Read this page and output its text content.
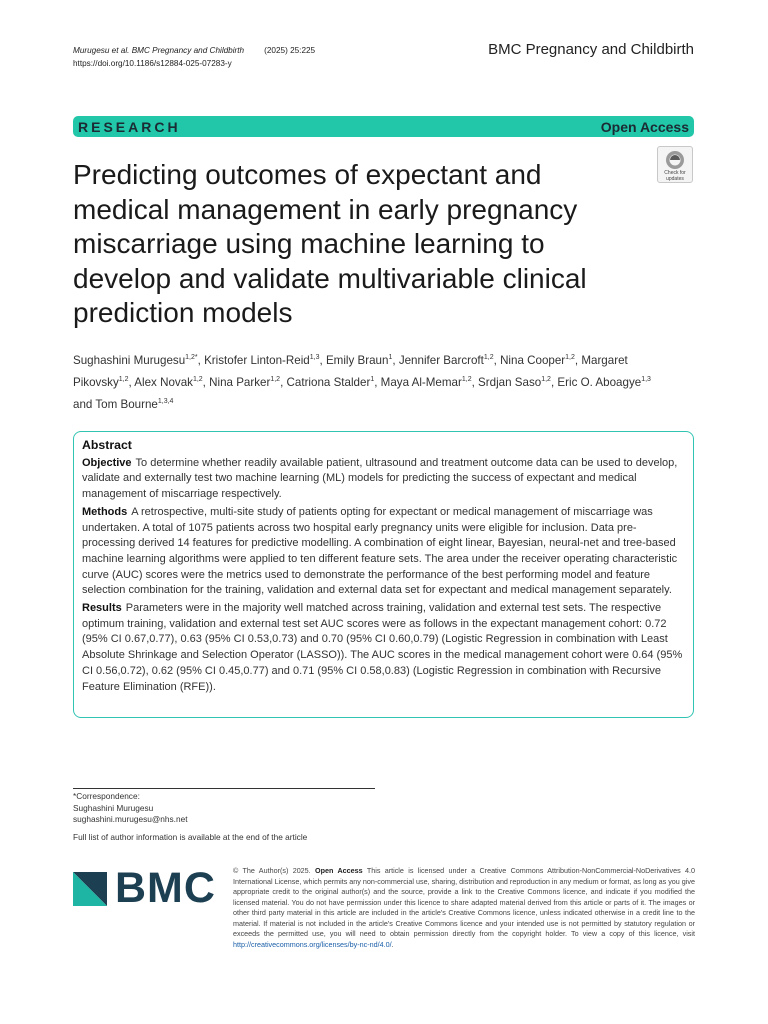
Murugesu et al. BMC Pregnancy and Childbirth (2025) 25:225
https://doi.org/10.1186/s12884-025-07283-y
BMC Pregnancy and Childbirth
RESEARCH	Open Access
Check for
updates
Predicting outcomes of expectant and medical management in early pregnancy miscarriage using machine learning to develop and validate multivariable clinical prediction models
Sughashini Murugesu$^{1,2*}$, Kristofer Linton-Reid$^{1,3}$, Emily Braun$^1$, Jennifer Barcroft$^{1,2}$, Nina Cooper$^{1,2}$, Margaret Pikovsky$^{1,2}$, Alex Novak$^{1,2}$, Nina Parker$^{1,2}$, Catriona Stalder$^1$, Maya Al-Memar$^{1,2}$, Srdjan Saso$^{1,2}$, Eric O. Aboagye$^{1,3}$ and Tom Bourne$^{1,3,4}$
Abstract

Objective To determine whether readily available patient, ultrasound and treatment outcome data can be used to develop, validate and externally test two machine learning (ML) models for predicting the success of expectant and medical management of miscarriage respectively.

Methods A retrospective, multi-site study of patients opting for expectant or medical management of miscarriage was undertaken. A total of 1075 patients across two hospital early pregnancy units were eligible for inclusion. Data pre-processing derived 14 features for predictive modelling. A combination of eight linear, Bayesian, neural-net and tree-based machine learning algorithms were applied to ten different feature sets. The area under the receiver operating characteristic curve (AUC) scores were the metrics used to demonstrate the performance of the best performing model and feature selection combination for the training, validation and external data set for expectant and medical management separately.

Results Parameters were in the majority well matched across training, validation and external test sets. The respective optimum training, validation and external test set AUC scores were as follows in the expectant management cohort: 0.72 (95% CI 0.67,0.77), 0.63 (95% CI 0.53,0.73) and 0.70 (95% CI 0.60,0.79) (Logistic Regression in combination with Least Absolute Shrinkage and Selection Operator (LASSO)). The AUC scores in the medical management cohort were 0.64 (95% CI 0.56,0.72), 0.62 (95% CI 0.45,0.77) and 0.71 (95% CI 0.58,0.83) (Logistic Regression in combination with Recursive Feature Elimination (RFE)).

*Correspondence:
Sughashini Murugesu
sughashini.murugesu@nhs.net
Full list of author information is available at the end of the article
BMC © The Author(s) 2025. Open Access This article is licensed under a Creative Commons Attribution-NonCommercial-NoDerivatives 4.0 International License, which permits any non-commercial use, sharing, distribution and reproduction in any medium or format, as long as you give appropriate credit to the original author(s) and the source, provide a link to the Creative Commons licence, and indicate if you modified the licensed material. You do not have permission under this licence to share adapted material derived from this article or parts of it. The images or other third party material in this article are included in the article's Creative Commons licence, unless indicated otherwise in a credit line to the material. If material is not included in the article's Creative Commons licence and your intended use is not permitted by statutory regulation or exceeds the permitted use, you will need to obtain permission directly from the copyright holder. To view a copy of this licence, visit http://creativecommons.org/licenses/by-nc-nd/4.0/.
